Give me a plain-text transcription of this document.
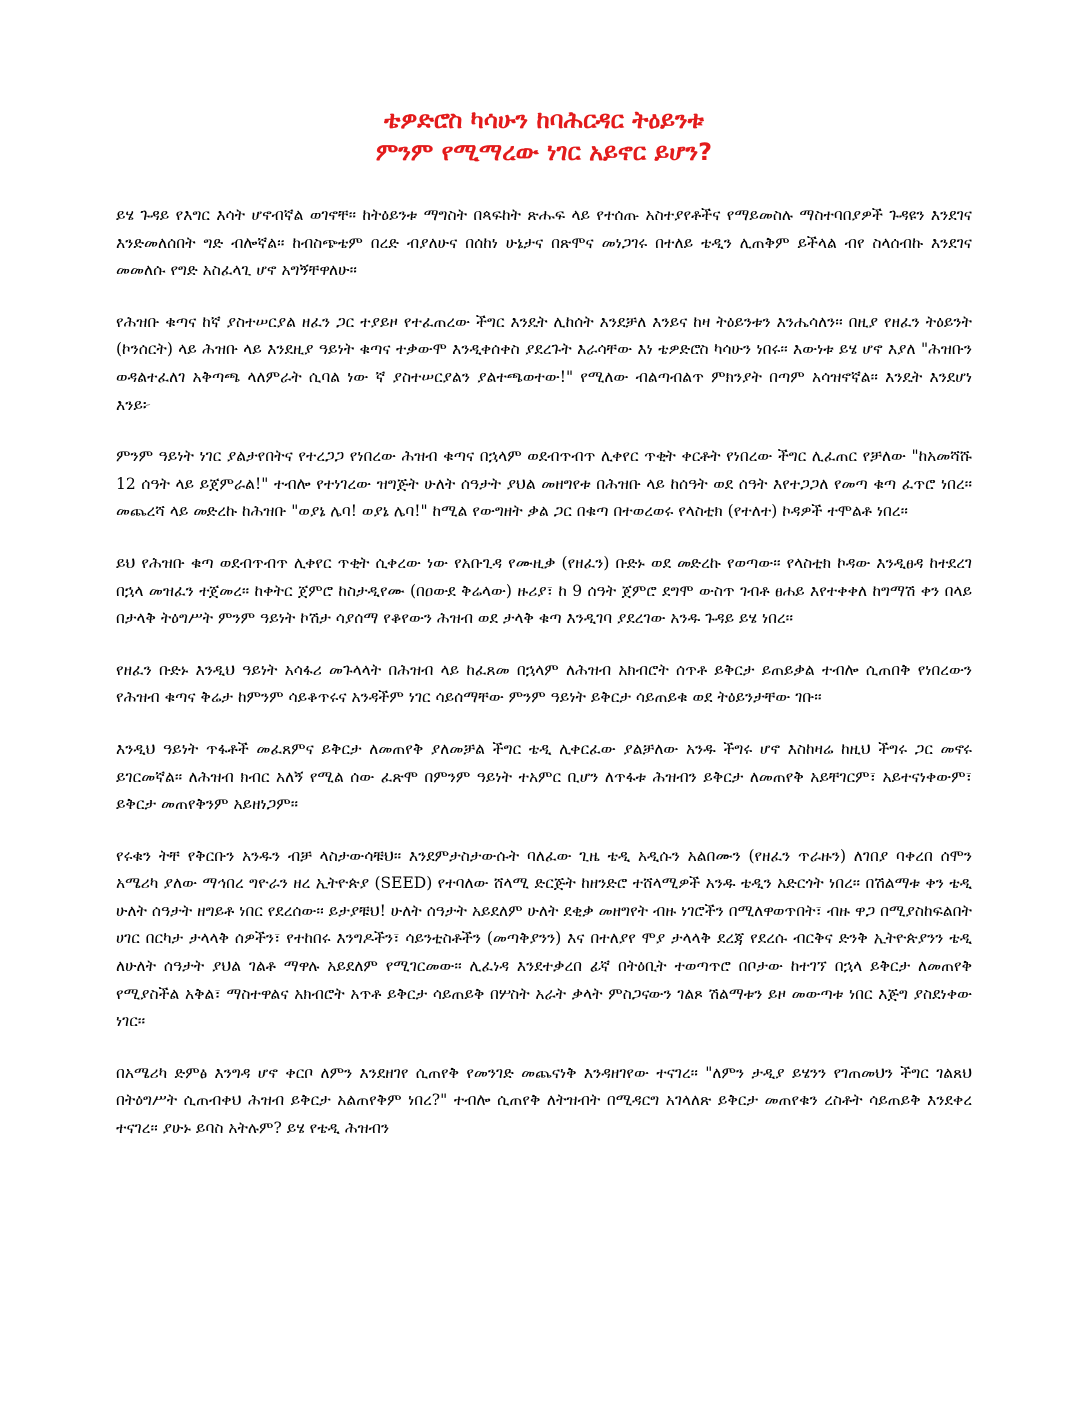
ቴዎድሮስ ካሳሁን ከባሕርዳር ትዕይንቱ
ምንም የሚማረው ነገር አይኖር ይሆን?

ይሄ ጉዳይ የእግር እሳት ሆኖብኛል ወገኖቸ፡፡ ከትዕይንቱ ማግስት በጳፍከት ጽሑፍ ላይ የተሰጡ አስተያየቶችና የማይመስሉ ማስተባበያዎች ጉዳዩን እንደገና እንድመለሰበት ግድ ብሎኛል፡፡ ከብስጭቴም በረድ ብያለሁና በሰከነ ሁኔታና በጽሞና መነጋገሩ በተለይ ቴዲን ሊጠቅም ይችላል ብየ ስላሰብኩ እንደገና መመለሱ የግድ አስፈላጊ ሆኖ አግኝቸዋለሁ፡፡

የሕዝቡ ቁጣና ከኛ ያስተሠርያል ዘፈን ጋር ተያይዞ የተፈጠረው ችግር እንዴት ሊከሰት እንደቻለ እንይና ከዛ ትዕይንቱን እንሔሳለን፡፡ በዚያ የዘፈን ትዕይንት (ኮንሰርት) ላይ ሕዝቡ ላይ እንደዚያ ዓይነት ቁጣና ተቃውሞ እንዲቀሰቀስ ያደረጉት እራሳቸው እነ ቴዎድሮስ ካሳሁን ነበሩ፡፡ እውነቱ ይሄ ሆኖ እያለ "ሕዝቡን ወዳልተፈለገ አቅጣጫ ላለምራት ሲባል ነው ኛ ያስተሠርያልን ያልተጫወተው!" የሚለው ብልጣብልጥ ምክንያት በጣም አሳዝኖኛል፡፡ እንዴት እንደሆነ እንይ፦

ምንም ዓይነት ነገር ያልታየበትና የተረጋጋ የነበረው ሕዝብ ቁጣና በኋላም ወደብጥብጥ ሊቀየር ጥቂት ቀርቶት የነበረው ችግር ሊፈጠር የቻለው "ከአመሻሹ 12 ሰዓት ላይ ይጀምራል!" ተብሎ የተነገረው ዝግጅት ሁለት ሰዓታት ያህል መዘግየቱ በሕዝቡ ላይ ከሰዓት ወደ ሰዓት እየተጋጋለ የመጣ ቁጣ ፈጥሮ ነበረ፡፡ መጨረሻ ላይ መድረኩ ከሕዝቡ "ወያኔ ሌባ! ወያኔ ሌባ!" ከሚል የውግዘት ቃል ጋር በቁጣ በተወረወሩ የላስቲክ (የተለተ) ኮዳዎች ተሞልቶ ነበረ፡፡

ይህ የሕዝቡ ቁጣ ወደብጥብጥ ሊቀየር ጥቂት ሲቀረው ነው የአቡጊዳ የሙዚቃ (የዘፈን) ቡድኑ ወደ መድረኩ የወጣው፡፡ የላስቲክ ኮዳው እንዲፀዳ ከተደረገ በኋላ መዝፈን ተጀመረ፡፡ ከቀትር ጀምሮ ከስታዲየሙ (በዐውደ ቅሬላው) ዙሪያ፣ ከ 9 ሰዓት ጀምሮ ደግሞ ውስጥ ገብቶ ፀሐይ እየተቀቀለ ከግማሽ ቀን በላይ በታላቅ ትዕግሥት ምንም ዓይነት ኮሽታ ሳያሰማ የቆየውን ሕዝብ ወደ ታላቅ ቁጣ እንዲገባ ያደረገው አንዱ ጉዳይ ይሄ ነበረ፡፡

የዘፈን ቡድኑ እንዲህ ዓይነት አሳፋሪ መጉላላት በሕዝብ ላይ ከፈጸመ በኋላም ለሕዝብ አክብሮት ሰጥቶ ይቅርታ ይጠይቃል ተብሎ ሲጠበቅ የነበረውን የሕዝብ ቁጣና ቅሬታ ከምንም ሳይቆጥሩና አንዳችም ነገር ሳይሰማቸው ምንም ዓይነት ይቅርታ ሳይጠይቁ ወደ ትዕይንታቸው ገቡ፡፡

እንዲህ ዓይነት ጥፋቶች መፈጸምና ይቅርታ ለመጠየቅ ያለመቻል ችግር ቴዲ ሊቀርፈው ያልቻለው አንዱ ችግሩ ሆኖ እስከዛሬ ከዚህ ችግሩ ጋር መኖሩ ይገርመኛል፡፡ ለሕዝብ ክብር አለኝ የሚል ሰው ፈጽሞ በምንም ዓይነት ተአምር ቢሆን ለጥፋቱ ሕዝብን ይቅርታ ለመጠየቅ አይቸገርም፣ አይተናነቀውም፣ ይቅርታ መጠየቅንም አይዘነጋም፡፡

የሩቁን ትቸ የቅርቡን አንዱን ብቻ ላስታውሳቹህ፡፡ እንደምታስታውሱት ባለፈው ጊዜ ቴዲ አዲሱን አልበሙን (የዘፈን ጥራዙን) ለገበያ ባቀረበ ሰሞን አሜሪካ ያለው ማኅበረ ግዮራን ዘረ ኢትዮጵያ (SEED) የተባለው ሸላሚ ድርጅት ከዘንድሮ ተሸላሚዎች አንዱ ቴዲን አድርጎት ነበረ፡፡ በሽልማቱ ቀን ቴዲ ሁለት ሰዓታት ዘግይቶ ነበር የደረሰው፡፡ ይታያቹህ! ሁለት ሰዓታት አይደለም ሁለት ደቂቃ መዘግየት ብዙ ነገሮችን በሚለዋወጥበት፣ ብዙ ዋጋ በሚያስከፍልበት ሀገር በርካታ ታላላቅ ሰዎችን፣ የተከበሩ እንግዶችን፣ ሳይንቲስቶችን (መጣቅያንን) እና በተለያየ ሞያ ታላላቅ ደረጃ የደረሱ ብርቅና ድንቅ ኢትዮጵያንን ቴዲ ለሁለት ሰዓታት ያህል ገልቶ ማዋሉ አይደለም የሚገርመው፡፡ ሊፈነዳ እንደተቃረበ ፊኛ በትዕቢት ተወጣጥሮ በቦታው ከተገኘ በኋላ ይቅርታ ለመጠየቅ የሚያስችል አቅል፣ ማስተዋልና አክብሮት አጥቶ ይቅርታ ሳይጠይቅ በሦስት አራት ቃላት ምስጋናውን ገልጾ ሽልማቱን ይዞ መውጣቱ ነበር እጅግ ያስደነቀው ነገር፡፡

በአሜሪካ ድምፅ እንግዳ ሆኖ ቀርቦ ለምን እንደዘገየ ሲጠየቅ የመንገድ መጨናነቅ እንዳዘገየው ተናገረ፡፡ "ለምን ታዲያ ይሄንን የገጠመህን ችግር ገልጸህ በትዕግሥት ሲጠብቀህ ሕዝብ ይቅርታ አልጠየቅም ነበረ?" ተብሎ ሲጠየቅ ለትዝብት በሚዳርግ አገላለጽ ይቅርታ መጠየቁን ረስቶት ሳይጠይቅ እንደቀረ ተናገረ፡፡ ያሁኑ ይባስ አትሉም? ይሄ የቴዲ ሕዝብን
